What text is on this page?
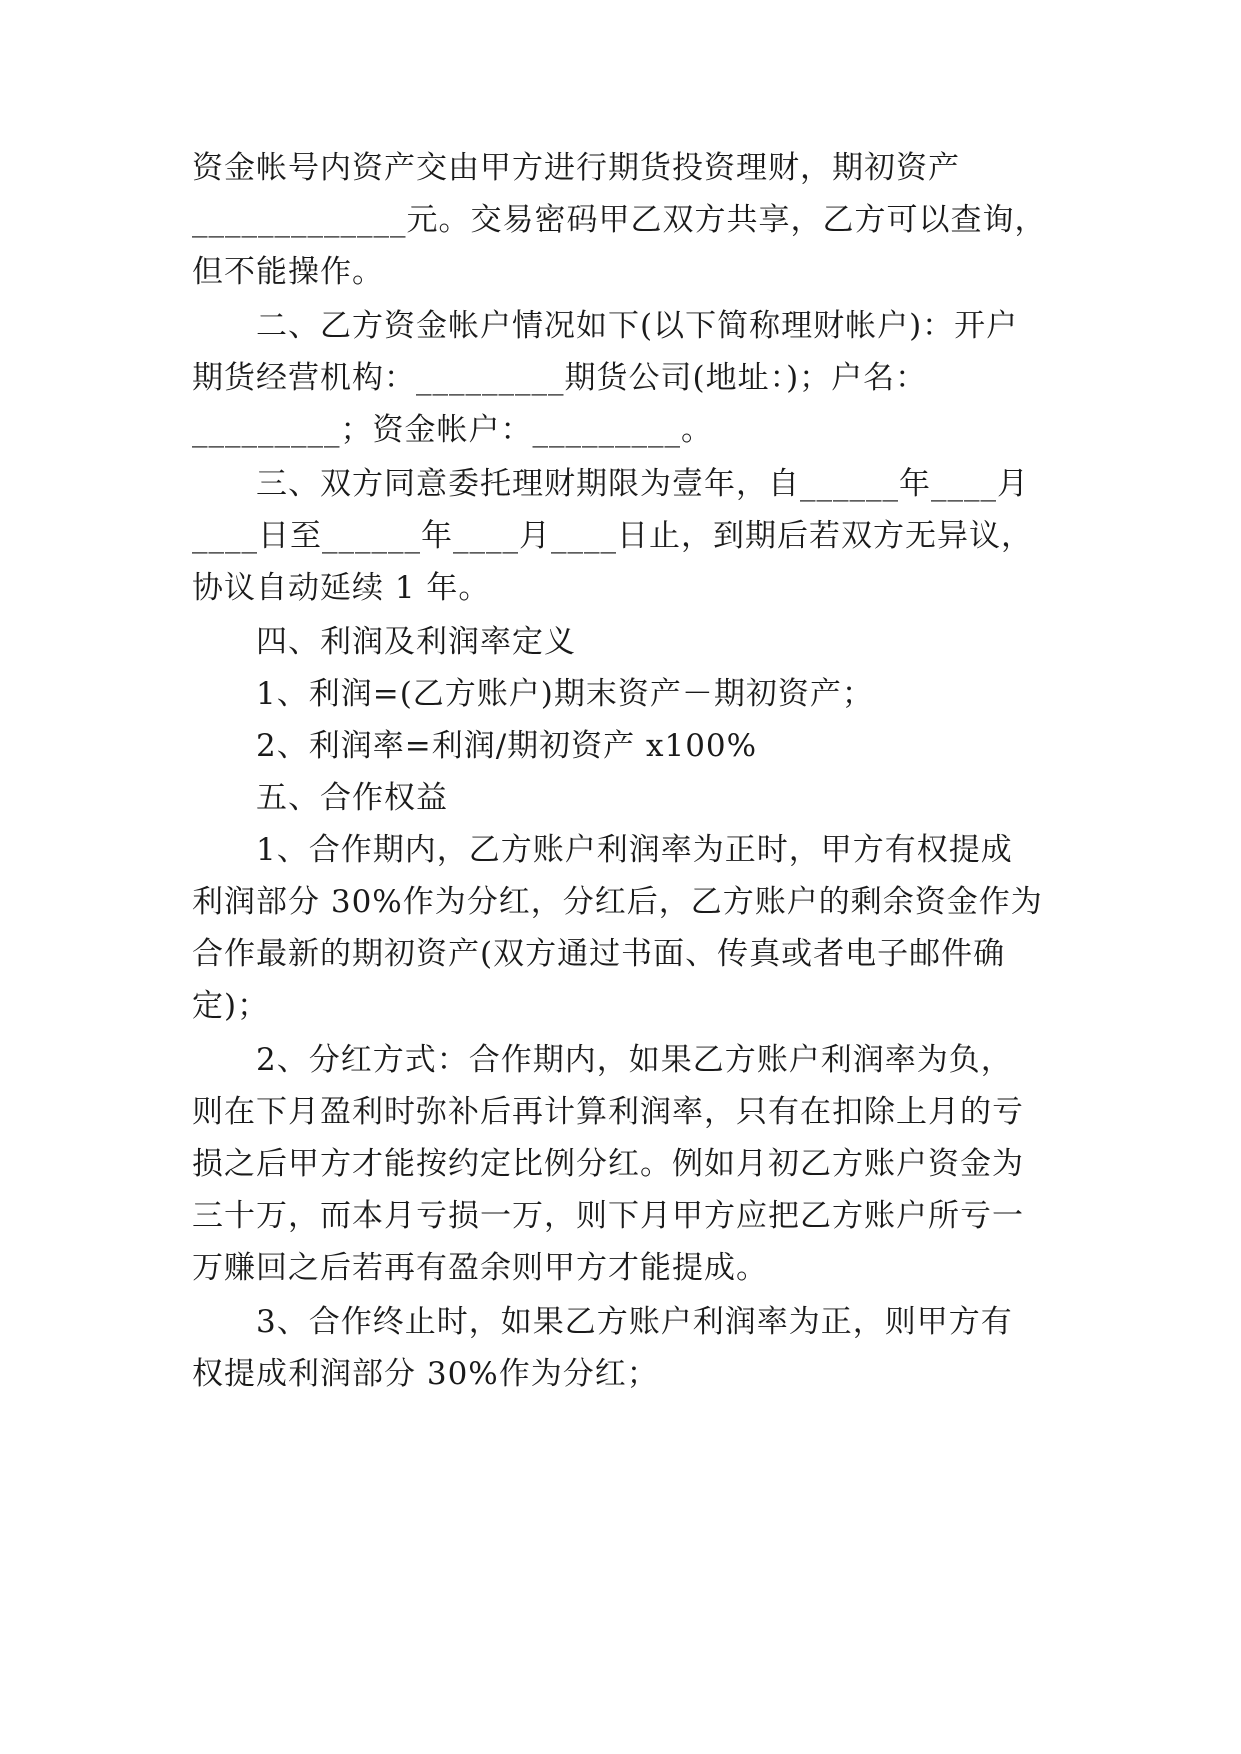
资金帐号内资产交由甲方进行期货投资理财，期初资产
_____________元。交易密码甲乙双方共享，乙方可以查询，
但不能操作。
二、乙方资金帐户情况如下(以下简称理财帐户)：开户
期货经营机构：_________期货公司(地址：)；户名：
_________；资金帐户：_________。
三、双方同意委托理财期限为壹年，自______年____月
____日至______年____月____日止，到期后若双方无异议，
协议自动延续 1 年。
四、利润及利润率定义
1、利润=(乙方账户)期末资产－期初资产；
2、利润率=利润/期初资产 x100%
五、合作权益
1、合作期内，乙方账户利润率为正时，甲方有权提成
利润部分 30%作为分红，分红后，乙方账户的剩余资金作为
合作最新的期初资产(双方通过书面、传真或者电子邮件确
定)；
2、分红方式：合作期内，如果乙方账户利润率为负，
则在下月盈利时弥补后再计算利润率，只有在扣除上月的亏
损之后甲方才能按约定比例分红。例如月初乙方账户资金为
三十万，而本月亏损一万，则下月甲方应把乙方账户所亏一
万赚回之后若再有盈余则甲方才能提成。
3、合作终止时，如果乙方账户利润率为正，则甲方有
权提成利润部分 30%作为分红；
